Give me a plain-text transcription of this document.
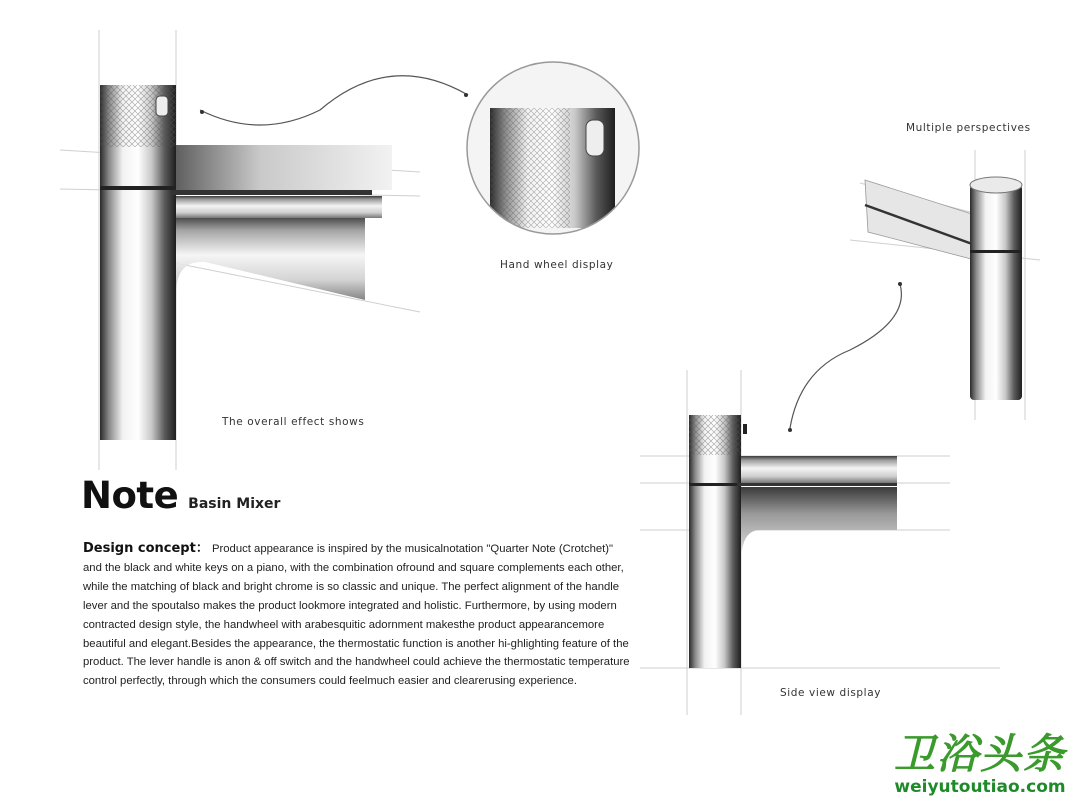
The overall effect shows
Hand wheel display
Multiple perspectives
Side view display
Note Basin Mixer
Design concept： Product appearance is inspired by the musicalnotation "Quarter Note (Crotchet)" and the black and white keys on a piano, with the combination ofround and square complements each other, while the matching of black and bright chrome is so classic and unique. The perfect alignment of the handle lever and the spoutalso makes the product lookmore integrated and holistic. Furthermore, by using modern contracted design style, the handwheel with arabesquitic adornment makesthe product appearancemore beautiful and elegant.Besides the appearance, the thermostatic function is another hi-ghlighting feature of the product. The lever handle is anon & off switch and the handwheel could achieve the thermostatic temperature control perfectly, through which the consumers could feelmuch easier and clearerusing experience.
卫浴头条
weiyutoutiao.com
